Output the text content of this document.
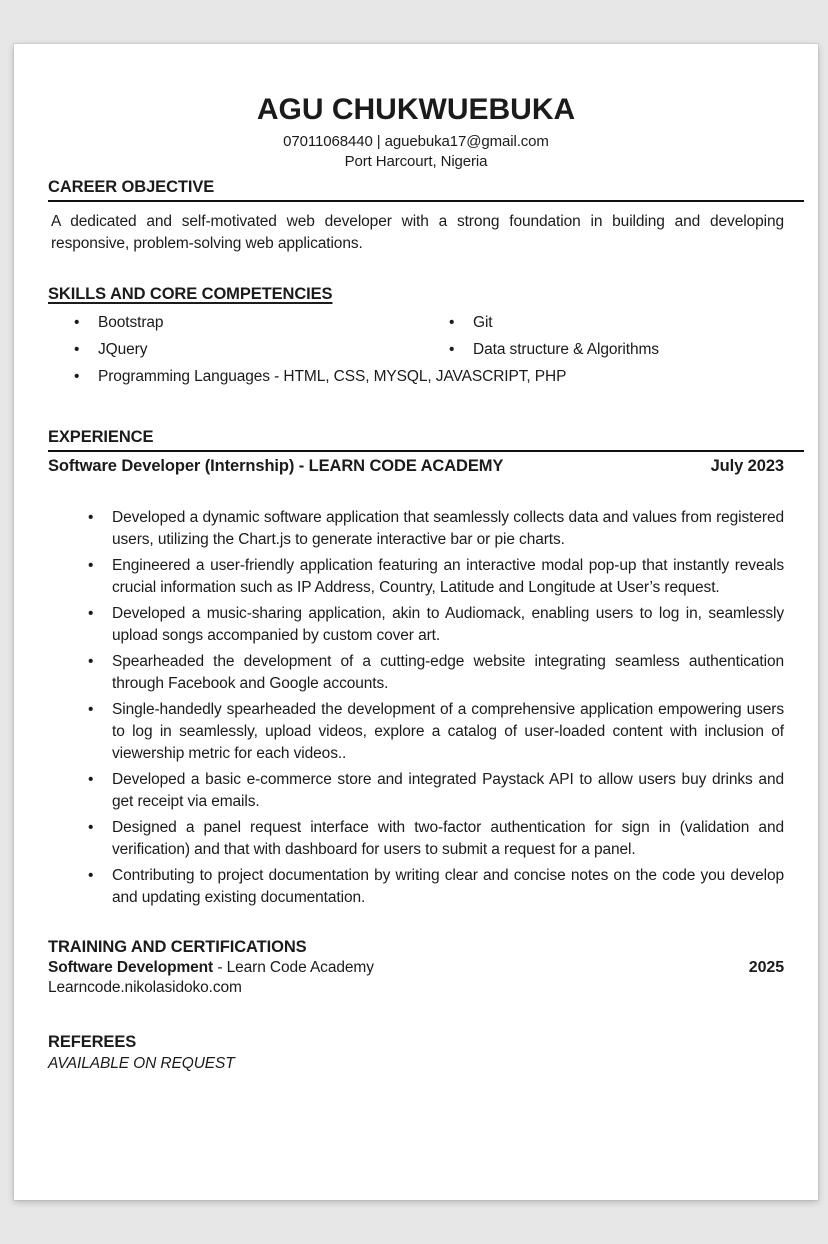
AGU CHUKWUEBUKA
07011068440 | aguebuka17@gmail.com
Port Harcourt, Nigeria
CAREER OBJECTIVE
A dedicated and self-motivated web developer with a strong foundation in building and developing responsive, problem-solving web applications.
SKILLS AND CORE COMPETENCIES
• Bootstrap	• Git
• JQuery	• Data structure & Algorithms
• Programming Languages - HTML, CSS, MYSQL, JAVASCRIPT, PHP
EXPERIENCE
Software Developer (Internship) - LEARN CODE ACADEMY	July 2023
• Developed a dynamic software application that seamlessly collects data and values from registered users, utilizing the Chart.js to generate interactive bar or pie charts.
• Engineered a user-friendly application featuring an interactive modal pop-up that instantly reveals crucial information such as IP Address, Country, Latitude and Longitude at User’s request.
• Developed a music-sharing application, akin to Audiomack, enabling users to log in, seamlessly upload songs accompanied by custom cover art.
• Spearheaded the development of a cutting-edge website integrating seamless authentication through Facebook and Google accounts.
• Single-handedly spearheaded the development of a comprehensive application empowering users to log in seamlessly, upload videos, explore a catalog of user-loaded content with inclusion of viewership metric for each videos..
• Developed a basic e-commerce store and integrated Paystack API to allow users buy drinks and get receipt via emails.
• Designed a panel request interface with two-factor authentication for sign in (validation and verification) and that with dashboard for users to submit a request for a panel.
• Contributing to project documentation by writing clear and concise notes on the code you develop and updating existing documentation.
TRAINING AND CERTIFICATIONS
Software Development - Learn Code Academy	2025
Learncode.nikolasidoko.com
REFEREES
AVAILABLE ON REQUEST
